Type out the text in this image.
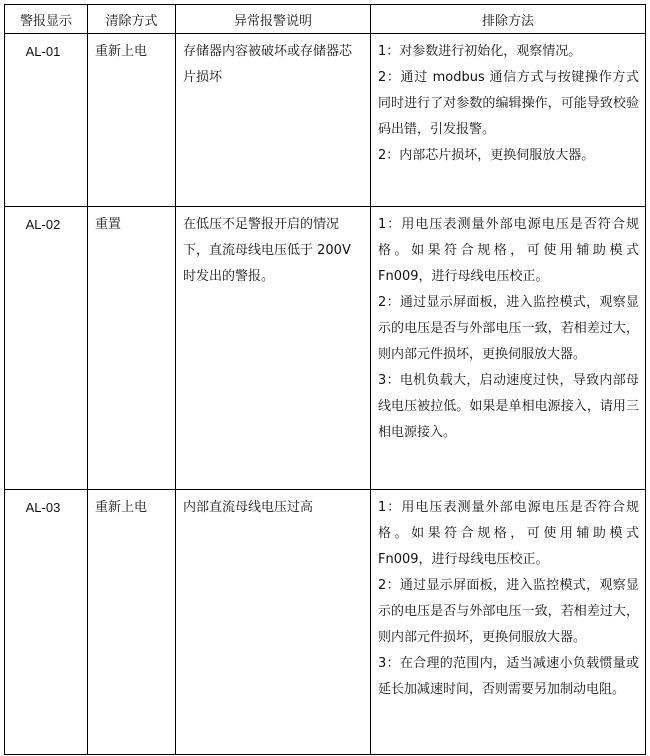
警报显示	清除方式	异常报警说明	排除方法

AL-01	重新上电	存储器内容被破坏或存储器芯片损坏	1：对参数进行初始化，观察情况。
2：通过 modbus 通信方式与按键操作方式同时进行了对参数的编辑操作，可能导致校验码出错，引发报警。
2：内部芯片损坏，更换伺服放大器。

AL-02	重置	在低压不足警报开启的情况下，直流母线电压低于 200V 时发出的警报。	1：用电压表测量外部电源电压是否符合规格。如果符合规格，可使用辅助模式 Fn009，进行母线电压校正。
2：通过显示屏面板，进入监控模式，观察显示的电压是否与外部电压一致，若相差过大，则内部元件损坏，更换伺服放大器。
3：电机负载大，启动速度过快，导致内部母线电压被拉低。如果是单相电源接入，请用三相电源接入。

AL-03	重新上电	内部直流母线电压过高	1：用电压表测量外部电源电压是否符合规格。如果符合规格，可使用辅助模式 Fn009，进行母线电压校正。
2：通过显示屏面板，进入监控模式，观察显示的电压是否与外部电压一致，若相差过大，则内部元件损坏，更换伺服放大器。
3：在合理的范围内，适当减速小负载惯量或延长加减速时间，否则需要另加制动电阻。
